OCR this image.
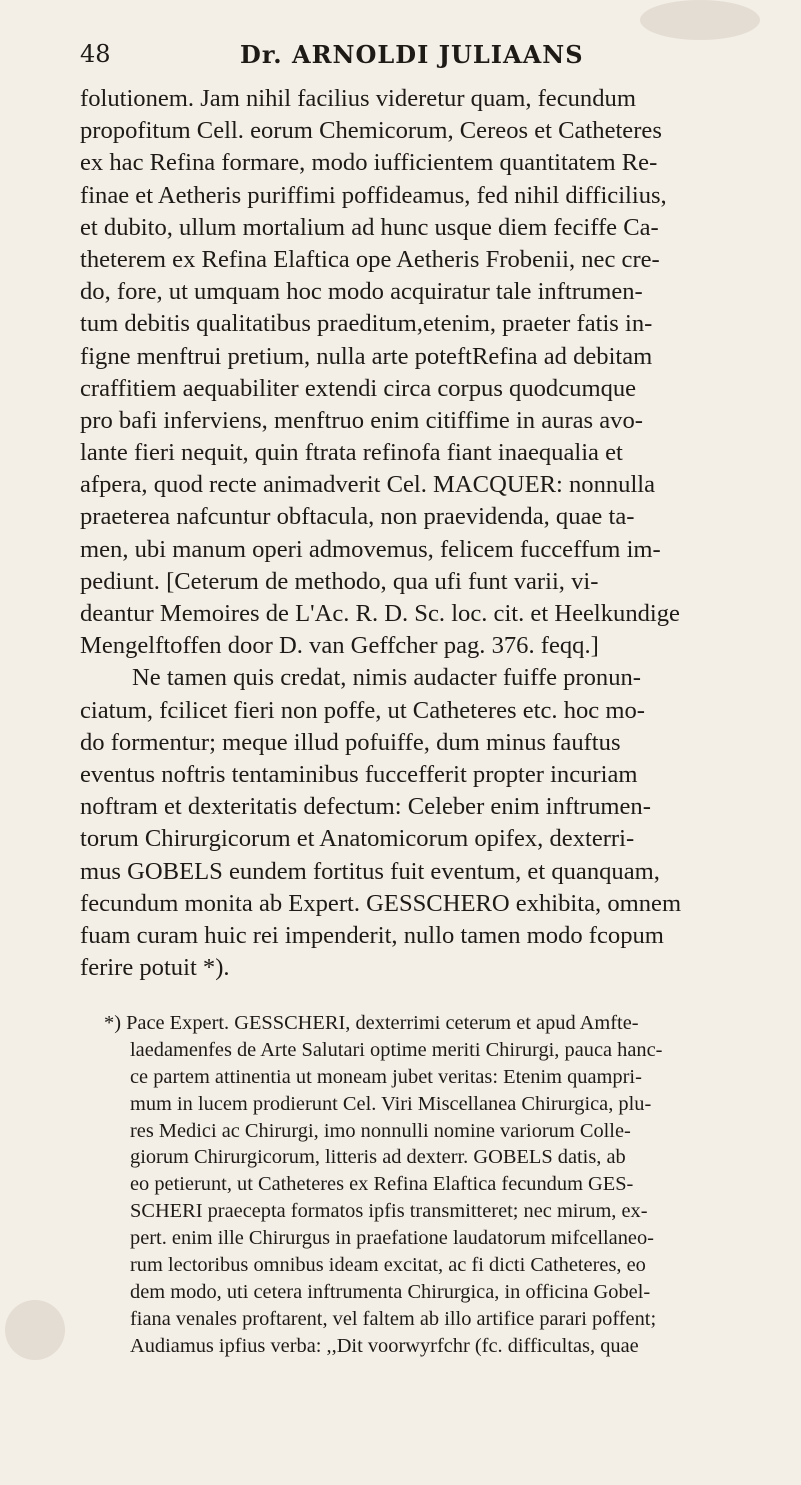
48	Dr. ARNOLDI JULIAANS
folutionem. Jam nihil facilius videretur quam, fecundum
propofitum Cell. eorum Chemicorum, Cereos et Catheteres
ex hac Refina formare, modo iufficientem quantitatem Re-
finae et Aetheris puriffimi poffideamus, fed nihil difficilius,
et dubito, ullum mortalium ad hunc usque diem feciffe Ca-
theterem ex Refina Elaftica ope Aetheris Frobenii, nec cre-
do, fore, ut umquam hoc modo acquiratur tale inftrumen-
tum debitis qualitatibus praeditum,etenim, praeter fatis in-
figne menftrui pretium, nulla arte poteftRefina ad debitam
craffitiem aequabiliter extendi circa corpus quodcumque
pro bafi inferviens, menftruo enim citiffime in auras avo-
lante fieri nequit, quin ftrata refinofa fiant inaequalia et
afpera, quod recte animadverit Cel. MACQUER: nonnulla
praeterea nafcuntur obftacula, non praevidenda, quae ta-
men, ubi manum operi admovemus, felicem fucceffum im-
pediunt. [Ceterum de methodo, qua ufi funt varii, vi-
deantur Memoires de L'Ac. R. D. Sc. loc. cit. et Heelkundige
Mengelftoffen door D. van Geffcher pag. 376. feqq.]
Ne tamen quis credat, nimis audacter fuiffe pronun-
ciatum, fcilicet fieri non poffe, ut Catheteres etc. hoc mo-
do formentur; meque illud pofuiffe, dum minus fauftus
eventus noftris tentaminibus fuccefferit propter incuriam
noftram et dexteritatis defectum: Celeber enim inftrumen-
torum Chirurgicorum et Anatomicorum opifex, dexterri-
mus GOBELS eundem fortitus fuit eventum, et quanquam,
fecundum monita ab Expert. GESSCHERO exhibita, omnem
fuam curam huic rei impenderit, nullo tamen modo fcopum
ferire potuit *).
*) Pace Expert. GESSCHERI, dexterrimi ceterum et apud Amfte-
laedamenfes de Arte Salutari optime meriti Chirurgi, pauca hanc-
ce partem attinentia ut moneam jubet veritas: Etenim quampri-
mum in lucem prodierunt Cel. Viri Miscellanea Chirurgica, plu-
res Medici ac Chirurgi, imo nonnulli nomine variorum Colle-
giorum Chirurgicorum, litteris ad dexterr. GOBELS datis, ab
eo petierunt, ut Catheteres ex Refina Elaftica fecundum GES-
SCHERI praecepta formatos ipfis transmitteret; nec mirum, ex-
pert. enim ille Chirurgus in praefatione laudatorum mifcellaneo-
rum lectoribus omnibus ideam excitat, ac fi dicti Catheteres, eo
dem modo, uti cetera inftrumenta Chirurgica, in officina Gobel-
fiana venales proftarent, vel faltem ab illo artifice parari poffent;
Audiamus ipfius verba: ,,Dit voorwyrfchr (fc. difficultas, quae
